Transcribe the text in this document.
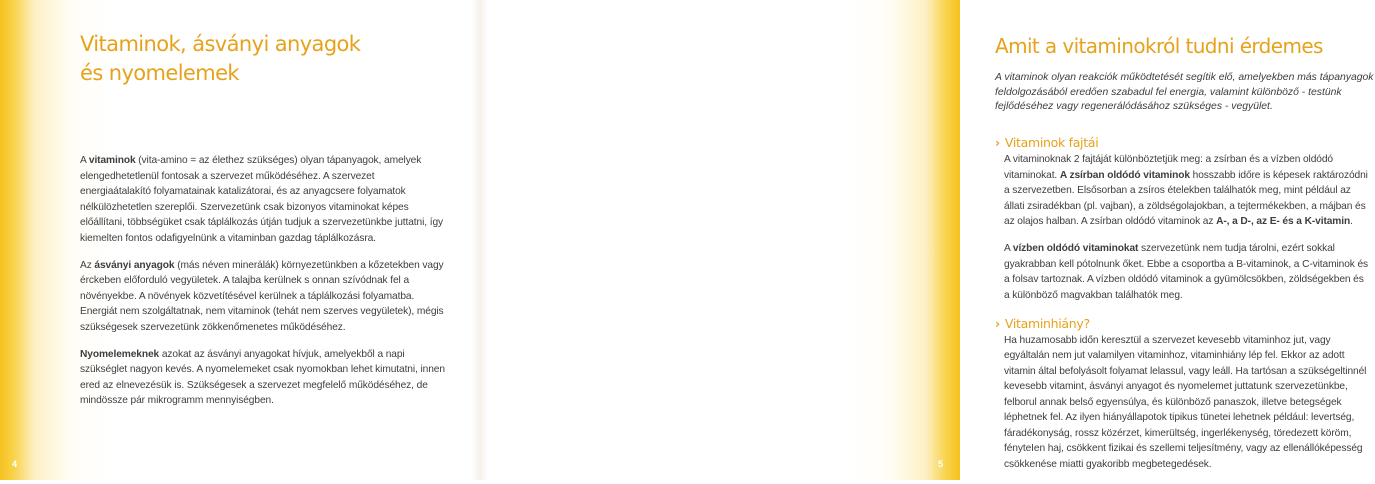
Vitaminok, ásványi anyagok
és nyomelemek

A vitaminok (vita-amino = az élethez szükséges) olyan tápanyagok, amelyek elengedhetetlenül fontosak a szervezet működéséhez. A szervezet energiaátalakító folyamatainak katalizátorai, és az anyagcsere folyamatok nélkülözhetetlen szereplői. Szervezetünk csak bizonyos vitaminokat képes előállítani, többségüket csak táplálkozás útján tudjuk a szervezetünkbe juttatni, így kiemelten fontos odafigyelnünk a vitaminban gazdag táplálkozásra.

Az ásványi anyagok (más néven minerálák) környezetünkben a kőzetekben vagy érckeben előforduló vegyületek. A talajba kerülnek s onnan szívódnak fel a növényekbe. A növények közvetítésével kerülnek a táplálkozási folyamatba. Energiát nem szolgáltatnak, nem vitaminok (tehát nem szerves vegyületek), mégis szükségesek szervezetünk zökkenőmenetes működéséhez.

Nyomelemeknek azokat az ásványi anyagokat hívjuk, amelyekből a napi szükséglet nagyon kevés. A nyomelemeket csak nyomokban lehet kimutatni, innen ered az elnevezésük is. Szükségesek a szervezet megfelelő működéséhez, de mindössze pár mikrogramm mennyiségben.

4
Amit a vitaminokról tudni érdemes

A vitaminok olyan reakciók működtetését segítik elő, amelyekben más tápanyagok feldolgozásából eredően szabadul fel energia, valamint különböző - testünk fejlődéséhez vagy regenerálódásához szükséges - vegyület.

› Vitaminok fajtái

A vitaminoknak 2 fajtáját különböztetjük meg: a zsírban és a vízben oldódó vitaminokat. A zsírban oldódó vitaminok hosszabb időre is képesek raktározódni a szervezetben. Elsősorban a zsíros ételekben találhatók meg, mint például az állati zsiradékban (pl. vajban), a zöldségolajokban, a tejtermékekben, a májban és az olajos halban. A zsírban oldódó vitaminok az A-, a D-, az E- és a K-vitamin.

A vízben oldódó vitaminokat szervezetünk nem tudja tárolni, ezért sokkal gyakrabban kell pótolnunk őket. Ebbe a csoportba a B-vitaminok, a C-vitaminok és a folsav tartoznak. A vízben oldódó vitaminok a gyümölcsökben, zöldségekben és a különböző magvakban találhatók meg.

› Vitaminhiány?

Ha huzamosabb időn keresztül a szervezet kevesebb vitaminhoz jut, vagy egyáltalán nem jut valamilyen vitaminhoz, vitaminhiány lép fel. Ekkor az adott vitamin által befolyásolt folyamat lelassul, vagy leáll. Ha tartósan a szükségeltinnél kevesebb vitamint, ásványi anyagot és nyomelemet juttatunk szervezetünkbe, felborul annak belső egyensúlya, és különböző panaszok, illetve betegségek léphetnek fel. Az ilyen hiányállapotok tipikus tünetei lehetnek például: levertség, fáradékonyság, rossz közérzet, kimerültség, ingerlékenység, töredezett köröm, fényteIen haj, csökkent fizikai és szellemi teljesítmény, vagy az ellenállóképesség csökkenése miatti gyakoribb megbetegedések.

5
